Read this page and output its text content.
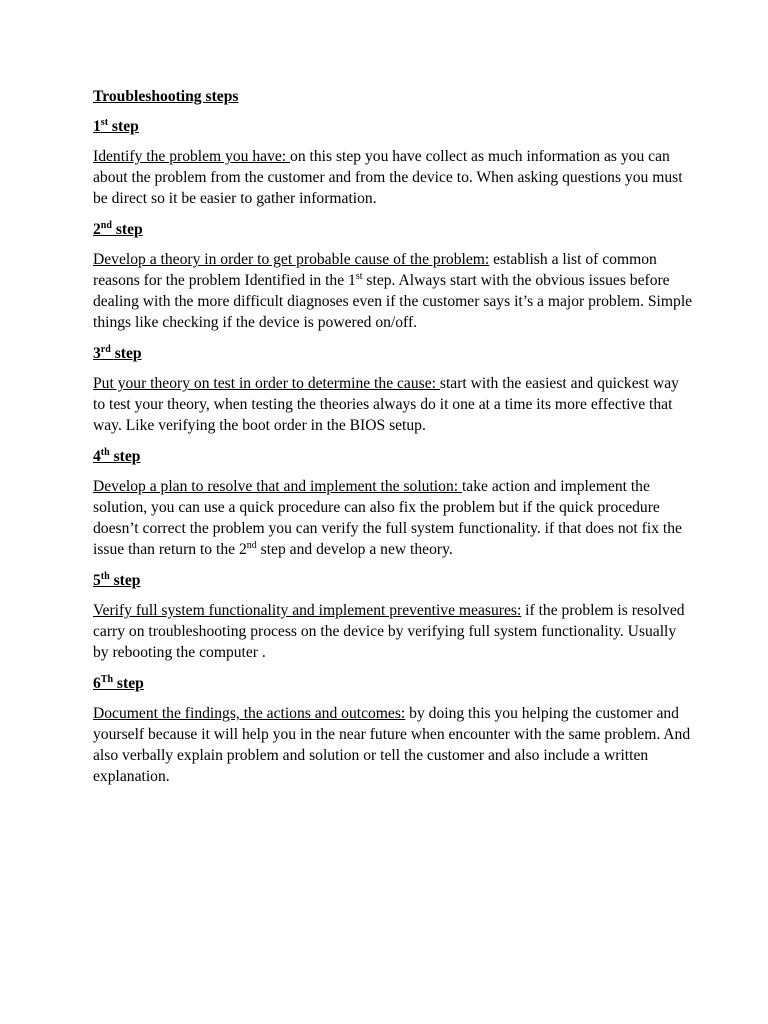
Troubleshooting steps
1st step
Identify the problem you have: on this step you have collect as much information as you can about the problem from the customer and from the device to. When asking questions you must be direct so it be easier to gather information.
2nd step
Develop a theory in order to get probable cause of the problem: establish a list of common reasons for the problem Identified in the 1st step. Always start with the obvious issues before dealing with the more difficult diagnoses even if the customer says it’s a major problem. Simple things like checking if the device is powered on/off.
3rd step
Put your theory on test in order to determine the cause: start with the easiest and quickest way to test your theory, when testing the theories always do it one at a time its more effective that way. Like verifying the boot order in the BIOS setup.
4th step
Develop a plan to resolve that and implement the solution: take action and implement the solution, you can use a quick procedure can also fix the problem but if the quick procedure doesn’t correct the problem you can verify the full system functionality. if that does not fix the issue than return to the 2nd step and develop a new theory.
5th step
Verify full system functionality and implement preventive measures: if the problem is resolved carry on troubleshooting process on the device by verifying full system functionality. Usually by rebooting the computer .
6Th step
Document the findings, the actions and outcomes: by doing this you helping the customer and yourself because it will help you in the near future when encounter with the same problem. And also verbally explain problem and solution or tell the customer and also include a written explanation.
